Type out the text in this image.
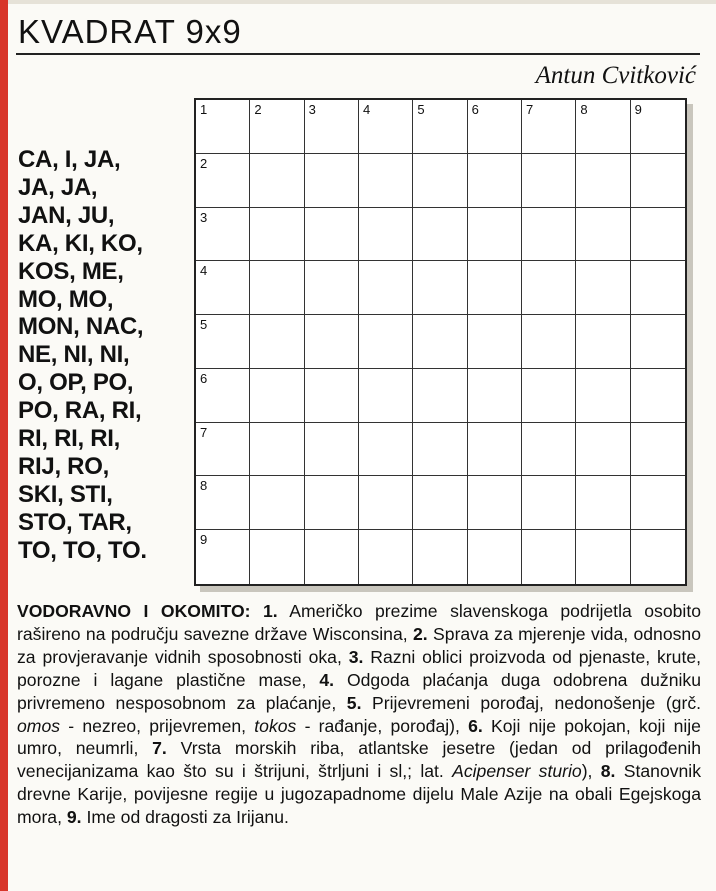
KVADRAT 9x9
Antun Cvitković
CA, I, JA,
JA, JA,
JAN, JU,
KA, KI, KO,
KOS, ME,
MO, MO,
MON, NAC,
NE, NI, NI,
O, OP, PO,
PO, RA, RI,
RI, RI, RI,
RIJ, RO,
SKI, STI,
STO, TAR,
TO, TO, TO.
1	2	3	4	5	6	7	8	9
2
3
4
5
6
7
8
9
VODORAVNO I OKOMITO: 1. Američko prezime slavenskoga podrijetla osobito rašireno na području savezne države Wisconsina, 2. Sprava za mjerenje vida, odnosno za provjeravanje vidnih sposobnosti oka, 3. Razni oblici proizvoda od pjenaste, krute, porozne i lagane plastične mase, 4. Odgoda plaćanja duga odobrena dužniku privremeno nesposobnom za plaćanje, 5. Prijevremeni porođaj, nedonošenje (grč. omos - nezreo, prijevremen, tokos - rađanje, porođaj), 6. Koji nije pokojan, koji nije umro, neumrli, 7. Vrsta morskih riba, atlantske jesetre (jedan od prilagođenih venecijanizama kao što su i štrijuni, štrljuni i sl,; lat. Acipenser sturio), 8. Stanovnik drevne Karije, povijesne regije u jugozapadnome dijelu Male Azije na obali Egejskoga mora, 9. Ime od dragosti za Irijanu.
